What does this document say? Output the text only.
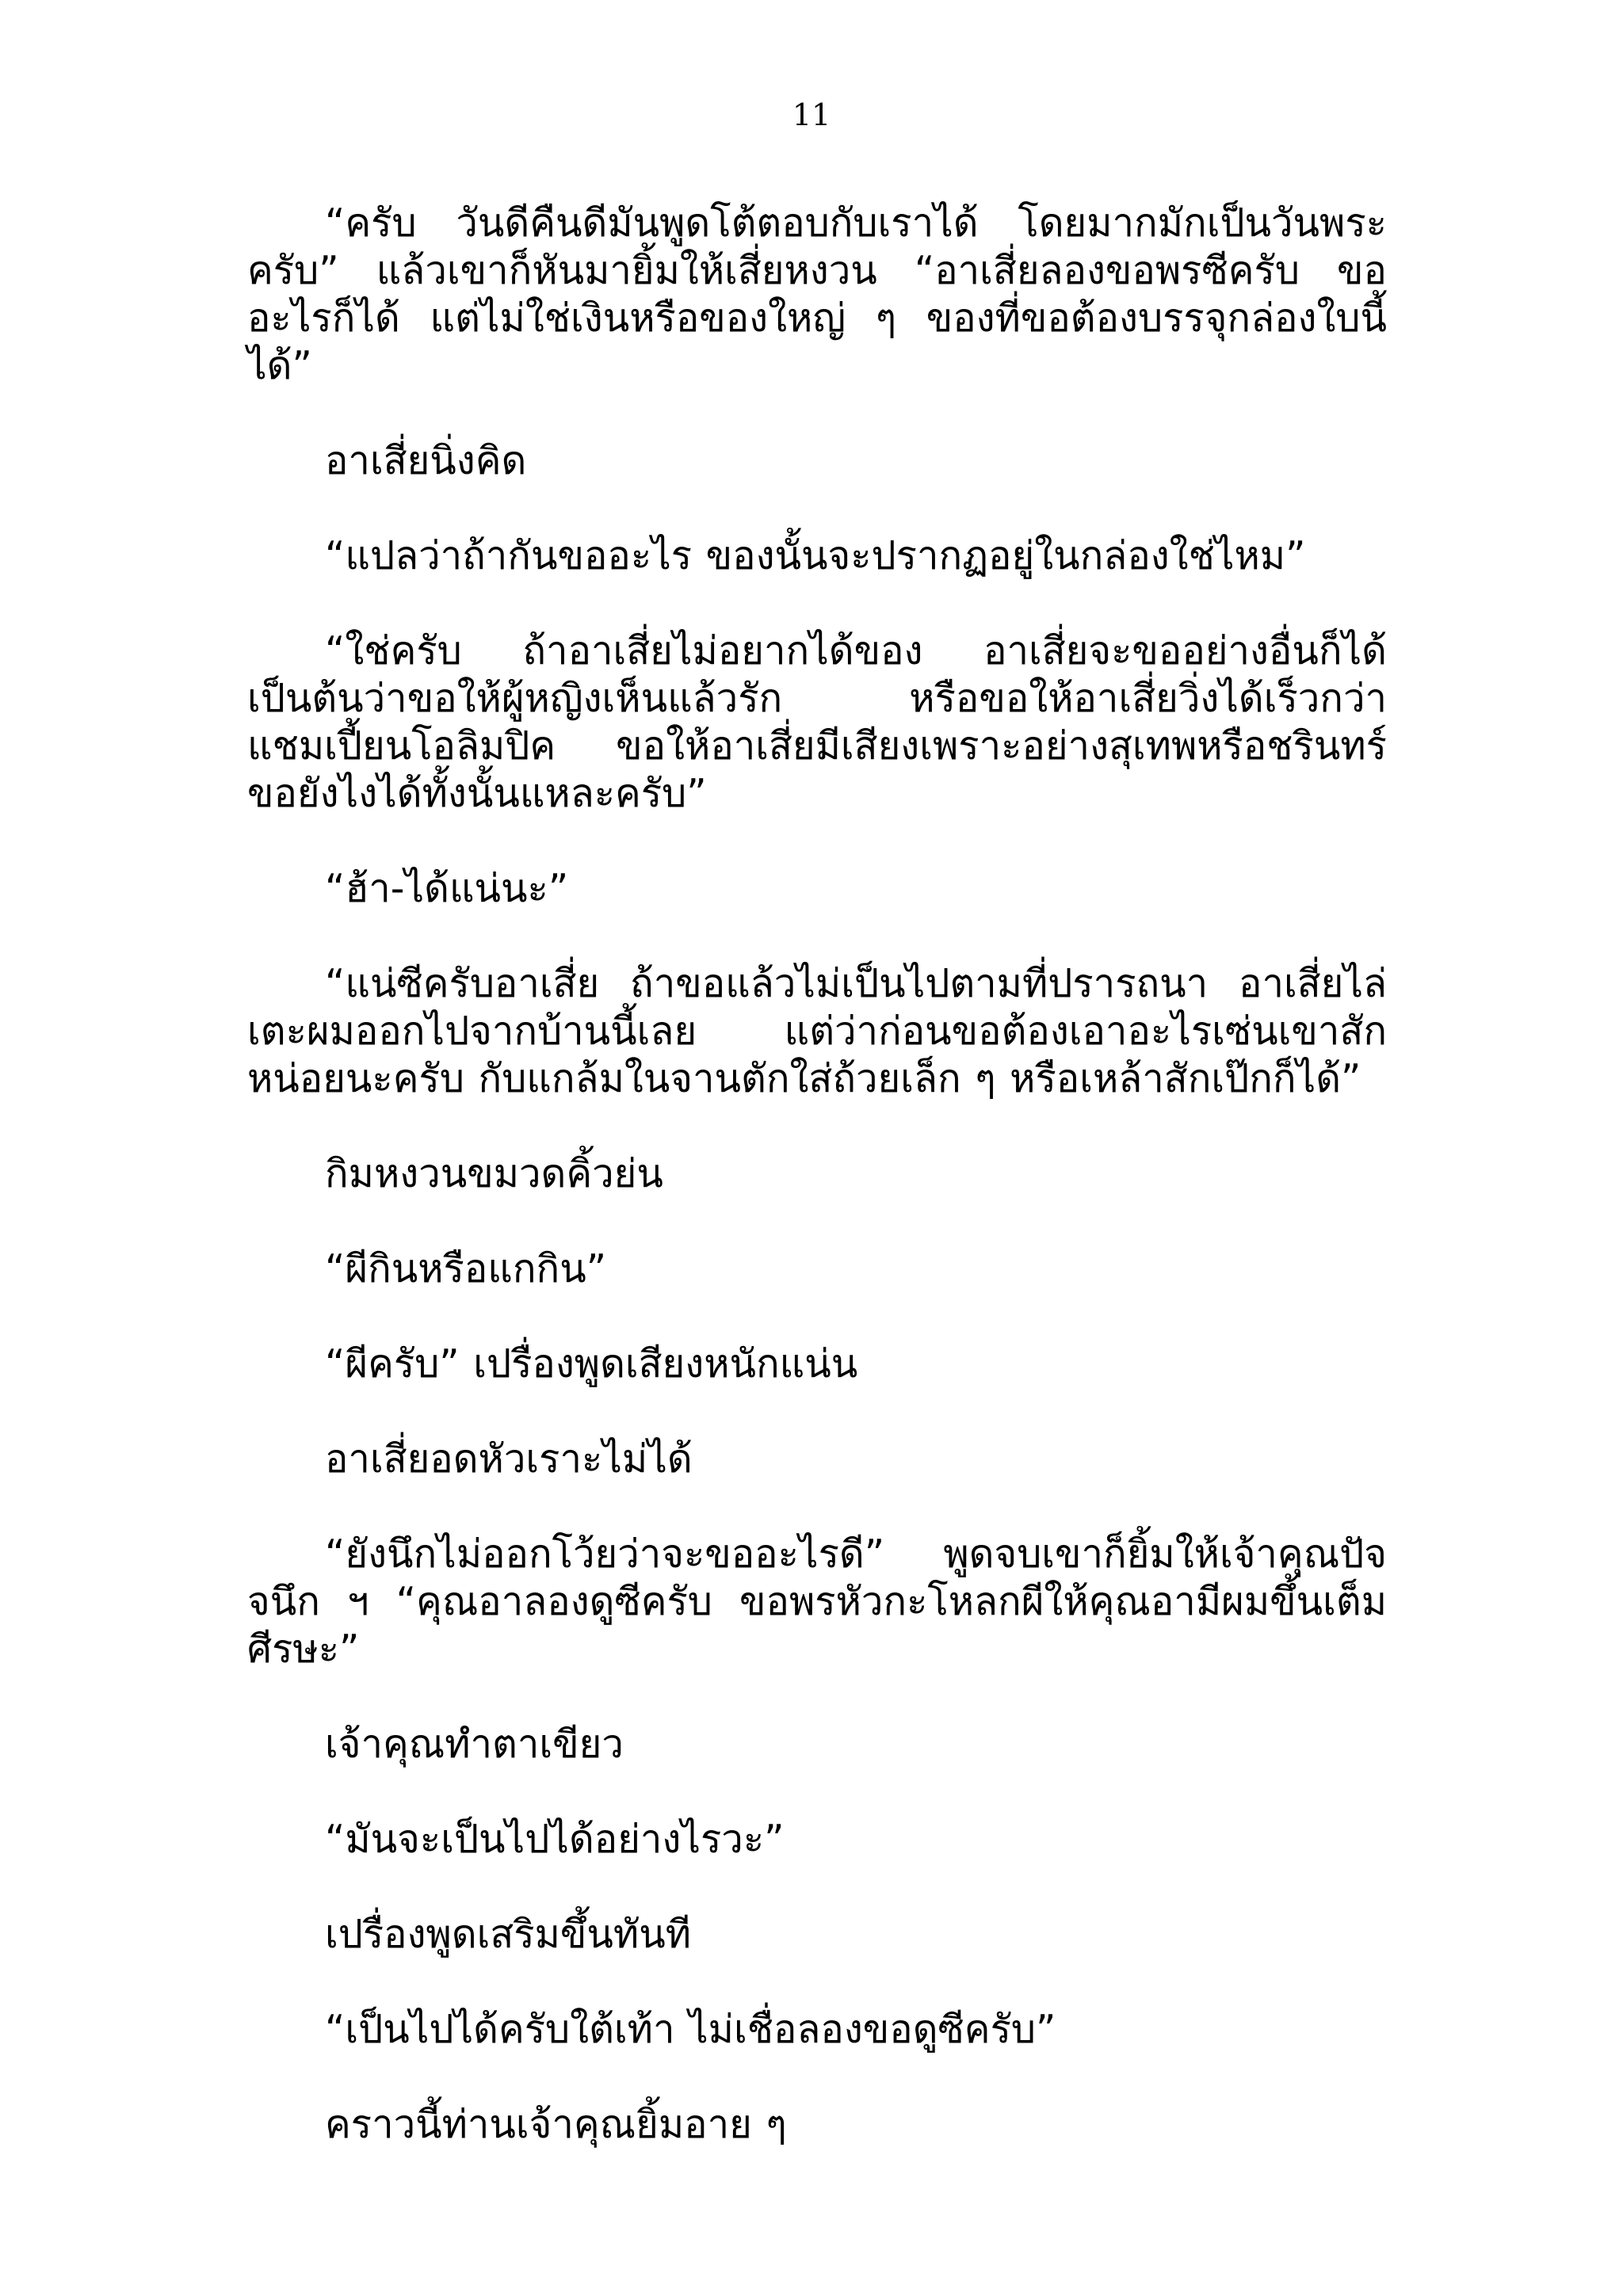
11

“ครับ วันดีคืนดีมันพูดโต้ตอบกับเราได้ โดยมากมักเป็นวันพระครับ” แล้วเขาก็หันมายิ้มให้เสี่ยหงวน “อาเสี่ยลองขอพรซีครับ ขออะไรก็ได้ แต่ไม่ใช่เงินหรือของใหญ่ ๆ ของที่ขอต้องบรรจุกล่องใบนี้ได้”

อาเสี่ยนิ่งคิด

“แปลว่าถ้ากันขออะไร ของนั้นจะปรากฏอยู่ในกล่องใช่ไหม”

“ใช่ครับ ถ้าอาเสี่ยไม่อยากได้ของ อาเสี่ยจะขออย่างอื่นก็ได้ เป็นต้นว่าขอให้ผู้หญิงเห็นแล้วรัก หรือขอให้อาเสี่ยวิ่งได้เร็วกว่าแชมเปี้ยนโอลิมปิค ขอให้อาเสี่ยมีเสียงเพราะอย่างสุเทพหรือชรินทร์ ขอยังไงได้ทั้งนั้นแหละครับ”

“ฮ้า-ได้แน่นะ”

“แน่ซีครับอาเสี่ย ถ้าขอแล้วไม่เป็นไปตามที่ปรารถนา อาเสี่ยไล่เตะผมออกไปจากบ้านนี้เลย แต่ว่าก่อนขอต้องเอาอะไรเซ่นเขาสักหน่อยนะครับ กับแกล้มในจานตักใส่ถ้วยเล็ก ๆ หรือเหล้าสักเป๊กก็ได้”

กิมหงวนขมวดคิ้วย่น

“ผีกินหรือแกกิน”

“ผีครับ” เปรื่องพูดเสียงหนักแน่น

อาเสี่ยอดหัวเราะไม่ได้

“ยังนึกไม่ออกโว้ยว่าจะขออะไรดี” พูดจบเขาก็ยิ้มให้เจ้าคุณปัจจนึก ฯ “คุณอาลองดูซีครับ ขอพรหัวกะโหลกผีให้คุณอามีผมขึ้นเต็มศีรษะ”

เจ้าคุณทำตาเขียว

“มันจะเป็นไปได้อย่างไรวะ”

เปรื่องพูดเสริมขึ้นทันที

“เป็นไปได้ครับใต้เท้า ไม่เชื่อลองขอดูซีครับ”

คราวนี้ท่านเจ้าคุณยิ้มอาย ๆ
